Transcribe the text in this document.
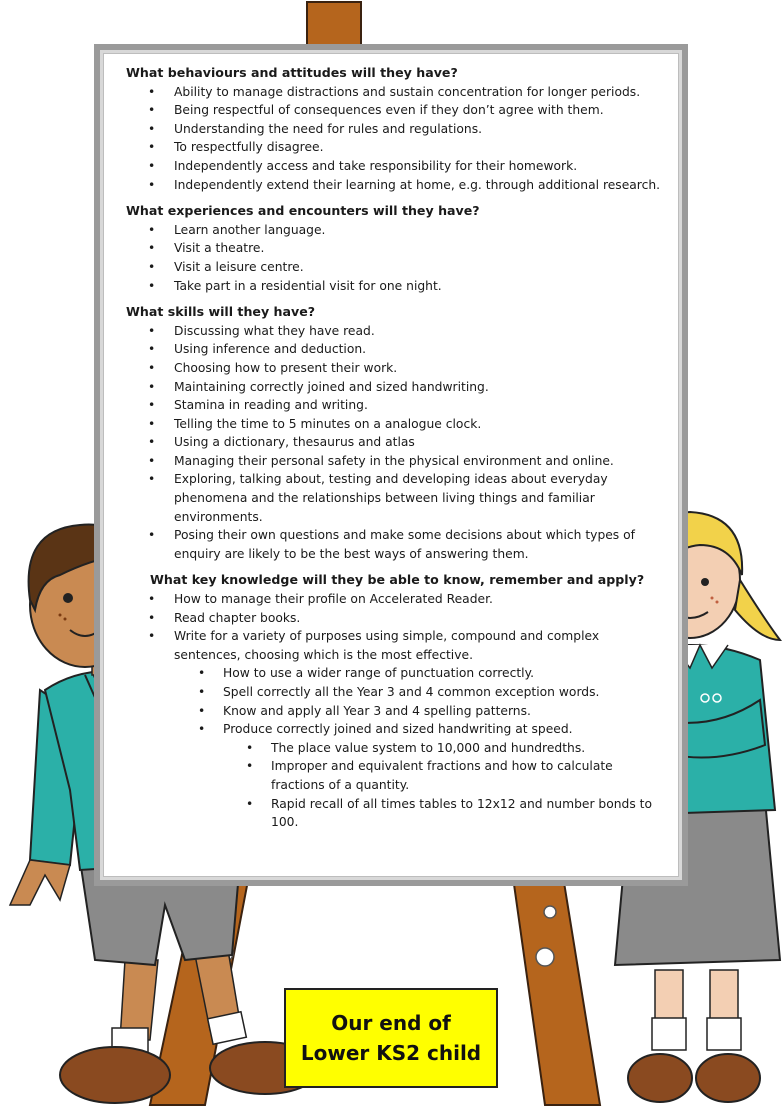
What behaviours and attitudes will they have?
• Ability to manage distractions and sustain concentration for longer periods.
• Being respectful of consequences even if they don’t agree with them.
• Understanding the need for rules and regulations.
• To respectfully disagree.
• Independently access and take responsibility for their homework.
• Independently extend their learning at home, e.g. through additional research.
What experiences and encounters will they have?
• Learn another language.
• Visit a theatre.
• Visit a leisure centre.
• Take part in a residential visit for one night.
What skills will they have?
• Discussing what they have read.
• Using inference and deduction.
• Choosing how to present their work.
• Maintaining correctly joined and sized handwriting.
• Stamina in reading and writing.
• Telling the time to 5 minutes on a analogue clock.
• Using a dictionary, thesaurus and atlas
• Managing their personal safety in the physical environment and online.
• Exploring, talking about, testing and developing ideas about everyday phenomena and the relationships between living things and familiar environments.
• Posing their own questions and make some decisions about which types of enquiry are likely to be the best ways of answering them.
What key knowledge will they be able to know, remember and apply?
• How to manage their profile on Accelerated Reader.
• Read chapter books.
• Write for a variety of purposes using simple, compound and complex sentences, choosing which is the most effective.
• How to use a wider range of punctuation correctly.
• Spell correctly all the Year 3 and 4 common exception words.
• Know and apply all Year 3 and 4 spelling patterns.
• Produce correctly joined and sized handwriting at speed.
• The place value system to 10,000 and hundredths.
• Improper and equivalent fractions and how to calculate fractions of a quantity.
• Rapid recall of all times tables to 12x12 and number bonds to 100.
Our end of
Lower KS2 child
